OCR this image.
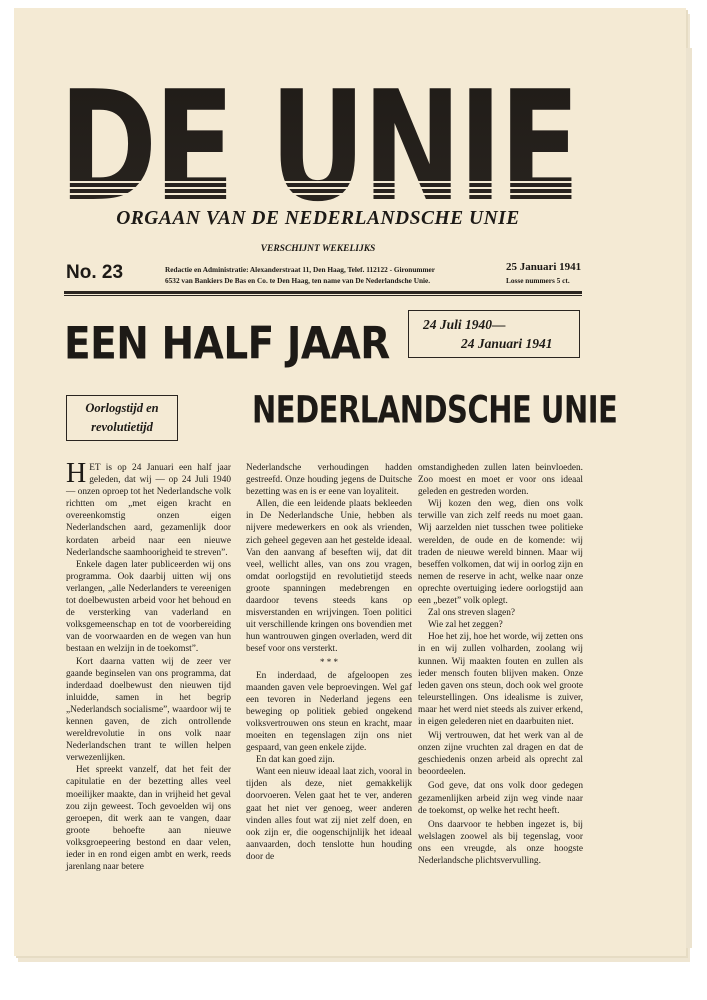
DE UNIE
ORGAAN VAN DE NEDERLANDSCHE UNIE
VERSCHIJNT WEKELIJKS
No. 23	Redactie en Administratie: Alexanderstraat 11, Den Haag, Telef. 112122 - Gironummer
6532 van Bankiers De Bas en Co. te Den Haag, ten name van De Nederlandsche Unie.
25 Januari 1941
Losse nummers 5 ct.
EEN HALF JAAR
NEDERLANDSCHE UNIE
24 Juli 1940—
24 Januari 1941
Oorlogstijd en
revolutietijd

HET is op 24 Januari een half jaar geleden, dat wij — op 24 Juli 1940 — onzen oproep tot het Nederlandsche volk richtten om „met eigen kracht en overeenkomstig onzen eigen Nederlandschen aard, gezamenlijk door kordaten arbeid naar een nieuwe Nederlandsche saamhoorigheid te streven”.

Enkele dagen later publiceerden wij ons programma. Ook daarbij uitten wij ons verlangen, „alle Nederlanders te vereenigen tot doelbewusten arbeid voor het behoud en de versterking van vaderland en volksgemeenschap en tot de voorbereiding van de voorwaarden en de wegen van hun bestaan en welzijn in de toekomst”.

Kort daarna vatten wij de zeer ver gaande beginselen van ons programma, dat inderdaad doelbewust den nieuwen tijd inluidde, samen in het begrip „Nederlandsch socialisme”, waardoor wij te kennen gaven, de zich ontrollende wereldrevolutie in ons volk naar Nederlandschen trant te willen helpen verwezenlijken.

Het spreekt vanzelf, dat het feit der capitulatie en der bezetting alles veel moeilijker maakte, dan in vrijheid het geval zou zijn geweest. Toch gevoelden wij ons geroepen, dit werk aan te vangen, daar groote behoefte aan nieuwe volksgroepeering bestond en daar velen, ieder in en rond eigen ambt en werk, reeds jarenlang naar betere

Nederlandsche verhoudingen hadden gestreefd. Onze houding jegens de Duitsche bezetting was en is er eene van loyaliteit.

Allen, die een leidende plaats bekleeden in De Nederlandsche Unie, hebben als nijvere medewerkers en ook als vrienden, zich geheel gegeven aan het gestelde ideaal. Van den aanvang af beseften wij, dat dit veel, wellicht alles, van ons zou vragen, omdat oorlogstijd en revolutietijd steeds groote spanningen medebrengen en daardoor tevens steeds kans op misverstanden en wrijvingen. Toen politici uit verschillende kringen ons bovendien met hun wantrouwen gingen overladen, werd dit besef voor ons versterkt.

* * *

En inderdaad, de afgeloopen zes maanden gaven vele beproevingen. Wel gaf een tevoren in Nederland jegens een beweging op politiek gebied ongekend volksvertrouwen ons steun en kracht, maar moeiten en tegenslagen zijn ons niet gespaard, van geen enkele zijde.

En dat kan goed zijn.

Want een nieuw ideaal laat zich, vooral in tijden als deze, niet gemakkelijk doorvoeren. Velen gaat het te ver, anderen gaat het niet ver genoeg, weer anderen vinden alles fout wat zij niet zelf doen, en ook zijn er, die oogenschijnlijk het ideaal aanvaarden, doch tenslotte hun houding door de

omstandigheden zullen laten beinvloeden. Zoo moest en moet er voor ons ideaal geleden en gestreden worden.

Wij kozen den weg, dien ons volk terwille van zich zelf reeds nu moet gaan. Wij aarzelden niet tusschen twee politieke werelden, de oude en de komende: wij traden de nieuwe wereld binnen. Maar wij beseffen volkomen, dat wij in oorlog zijn en nemen de reserve in acht, welke naar onze oprechte overtuiging iedere oorlogstijd aan een „bezet” volk oplegt.

Zal ons streven slagen?

Wie zal het zeggen?

Hoe het zij, hoe het worde, wij zetten ons in en wij zullen volharden, zoolang wij kunnen. Wij maakten fouten en zullen als ieder mensch fouten blijven maken. Onze leden gaven ons steun, doch ook wel groote teleurstellingen. Ons idealisme is zuiver, maar het werd niet steeds als zuiver erkend, in eigen gelederen niet en daarbuiten niet.

Wij vertrouwen, dat het werk van al de onzen zijne vruchten zal dragen en dat de geschiedenis onzen arbeid als oprecht zal beoordeelen.

God geve, dat ons volk door gedegen gezamenlijken arbeid zijn weg vinde naar de toekomst, op welke het recht heeft.

Ons daarvoor te hebben ingezet is, bij welslagen zoowel als bij tegenslag, voor ons een vreugde, als onze hoogste Nederlandsche plichtsvervulling.
